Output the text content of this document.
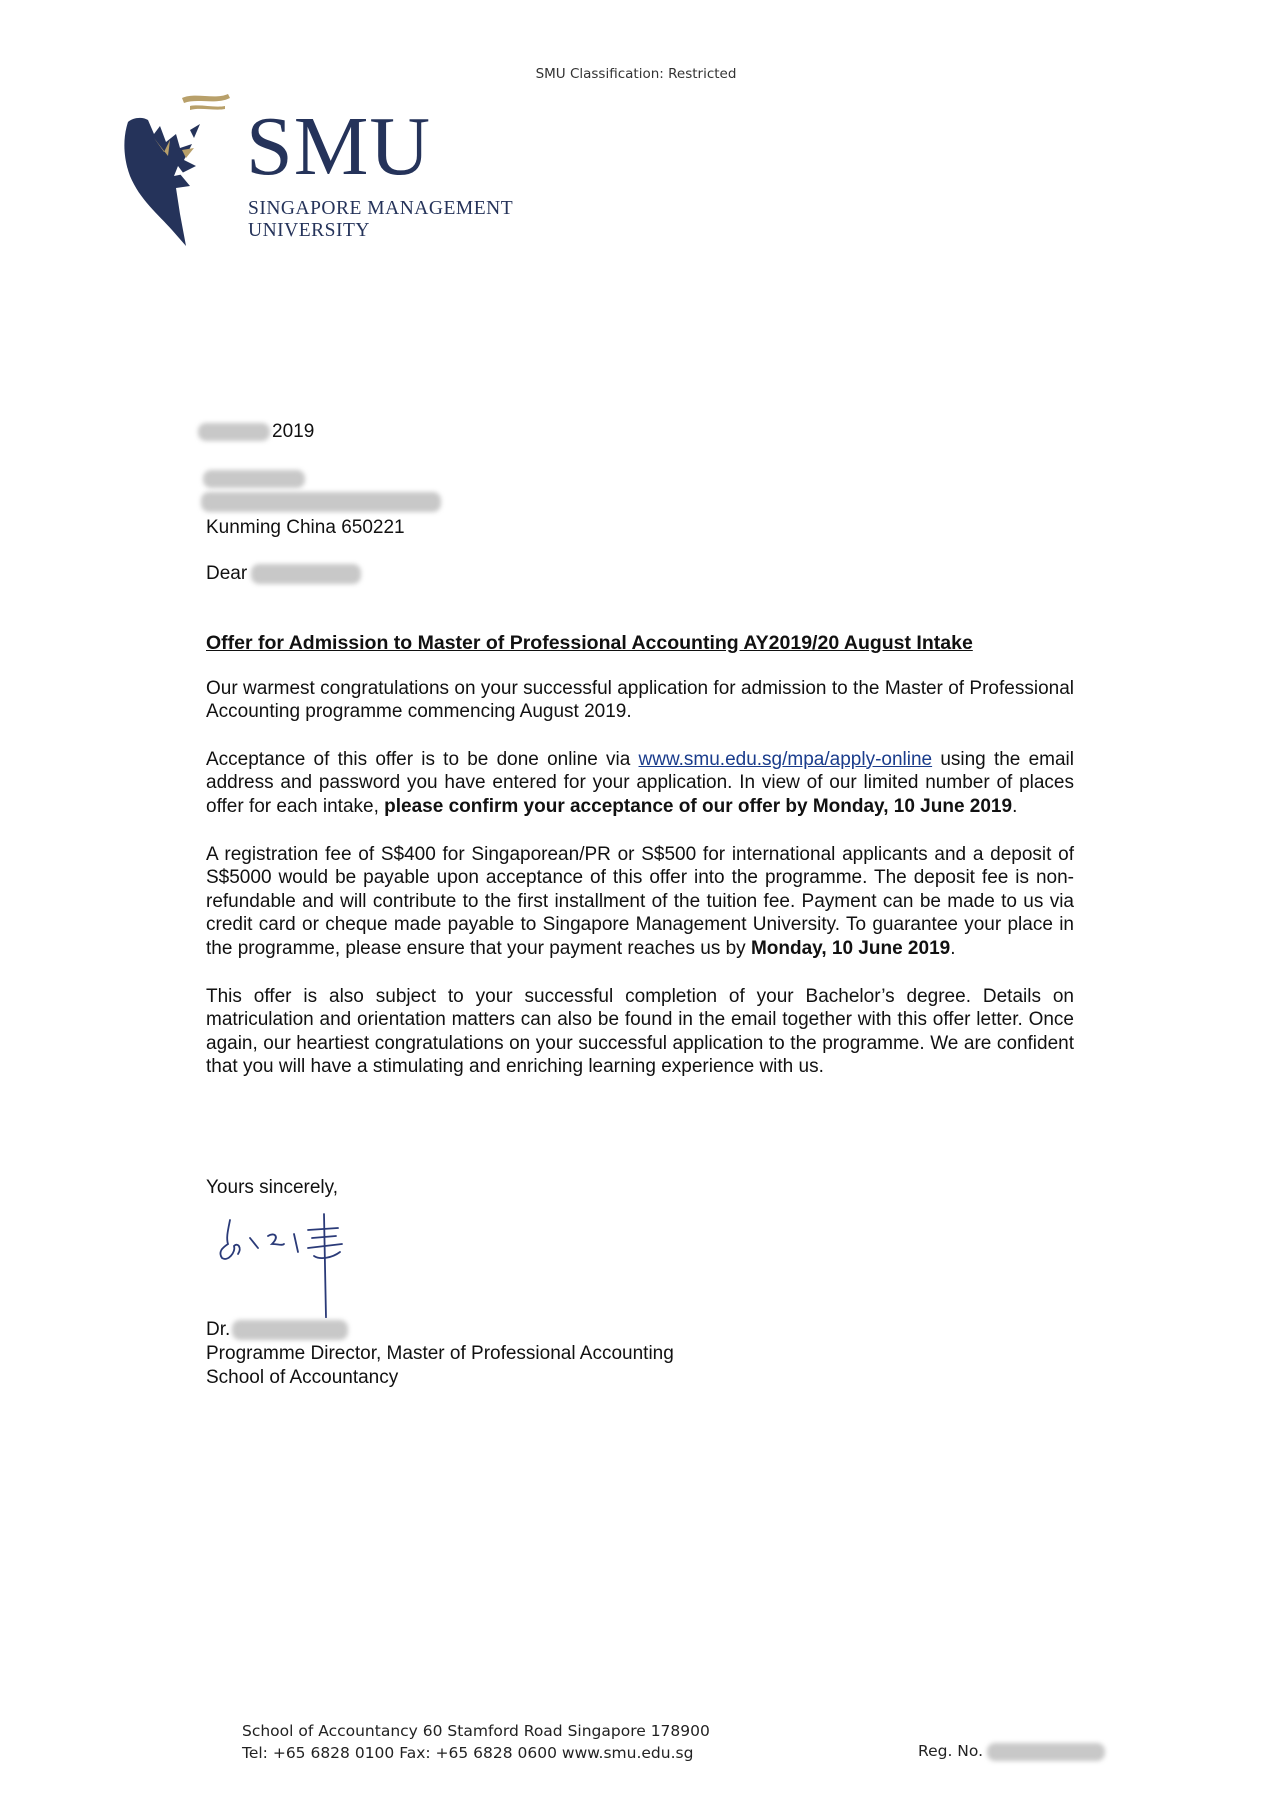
SMU Classification: Restricted
SMU
SINGAPORE MANAGEMENT
UNIVERSITY
2019
Kunming China 650221
Dear

Offer for Admission to Master of Professional Accounting AY2019/20 August Intake

Our warmest congratulations on your successful application for admission to the Master of Professional Accounting programme commencing August 2019.

Acceptance of this offer is to be done online via www.smu.edu.sg/mpa/apply-online using the email address and password you have entered for your application. In view of our limited number of places offer for each intake, please confirm your acceptance of our offer by Monday, 10 June 2019.

A registration fee of S$400 for Singaporean/PR or S$500 for international applicants and a deposit of S$5000 would be payable upon acceptance of this offer into the programme. The deposit fee is non-refundable and will contribute to the first installment of the tuition fee. Payment can be made to us via credit card or cheque made payable to Singapore Management University. To guarantee your place in the programme, please ensure that your payment reaches us by Monday, 10 June 2019.

This offer is also subject to your successful completion of your Bachelor’s degree. Details on matriculation and orientation matters can also be found in the email together with this offer letter. Once again, our heartiest congratulations on your successful application to the programme. We are confident that you will have a stimulating and enriching learning experience with us.

Yours sincerely,
Dr.
Programme Director, Master of Professional Accounting
School of Accountancy
School of Accountancy 60 Stamford Road Singapore 178900
Tel: +65 6828 0100 Fax: +65 6828 0600 www.smu.edu.sg	Reg. No.
